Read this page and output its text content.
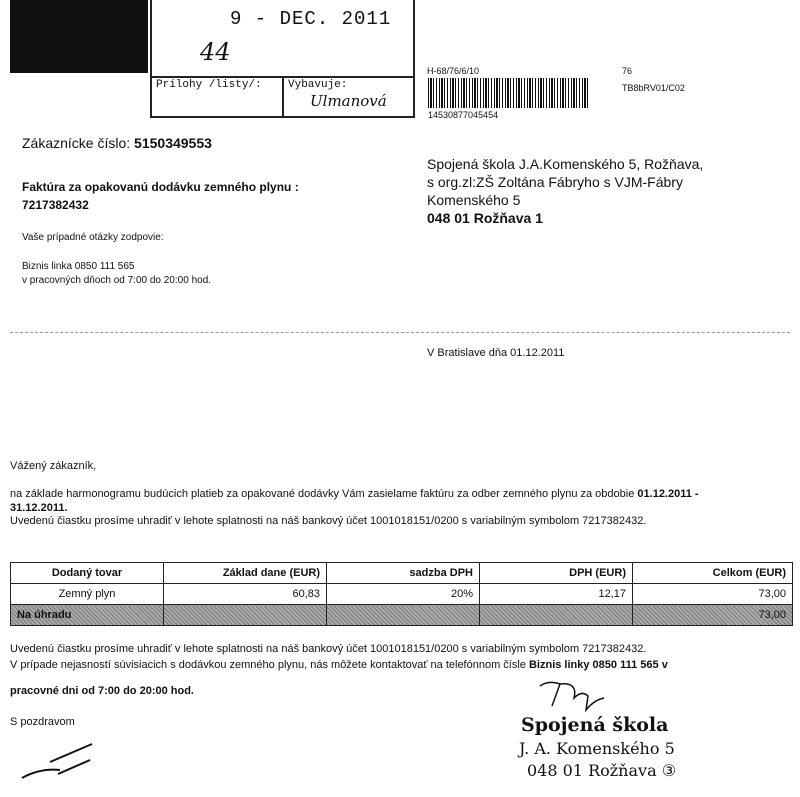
9 - DEC. 2011
44
Prílohy /listy/: Vybavuje:
Ulmanová
H-68/76/6/10	76
TB8bRV01/C02
14530877045454
Zákaznícke číslo: 5150349553
Faktúra za opakovanú dodávku zemného plynu :
7217382432
Vaše prípadné otázky zodpovie:
Biznis linka 0850 111 565
v pracovných dňoch od 7:00 do 20:00 hod.
Spojená škola J.A.Komenského 5, Rožňava,
s org.zl:ZŠ Zoltána Fábryho s VJM-Fábry
Komenského 5
048 01 Rožňava 1
V Bratislave dňa 01.12.2011
Vážený zákazník,
na základe harmonogramu budúcich platieb za opakované dodávky Vám zasielame faktúru za odber zemného plynu za obdobie 01.12.2011 -
31.12.2011.
Uvedenú čiastku prosíme uhradiť v lehote splatnosti na náš bankový účet 1001018151/0200 s variabilným symbolom 7217382432.
Dodaný tovar	Základ dane (EUR)	sadzba DPH	DPH (EUR)	Celkom (EUR)
Zemný plyn	60,83	20%	12,17	73,00
Na úhradu				73,00
Uvedenú čiastku prosíme uhradiť v lehote splatnosti na náš bankový účet 1001018151/0200 s variabilným symbolom 7217382432.
V prípade nejasností súvisiacich s dodávkou zemného plynu, nás môžete kontaktovať na telefónnom čísle Biznis linky 0850 111 565 v
pracovné dni od 7:00 do 20:00 hod.
S pozdravom	Spojená škola
J. A. Komenského 5
048 01 Rožňava ③
